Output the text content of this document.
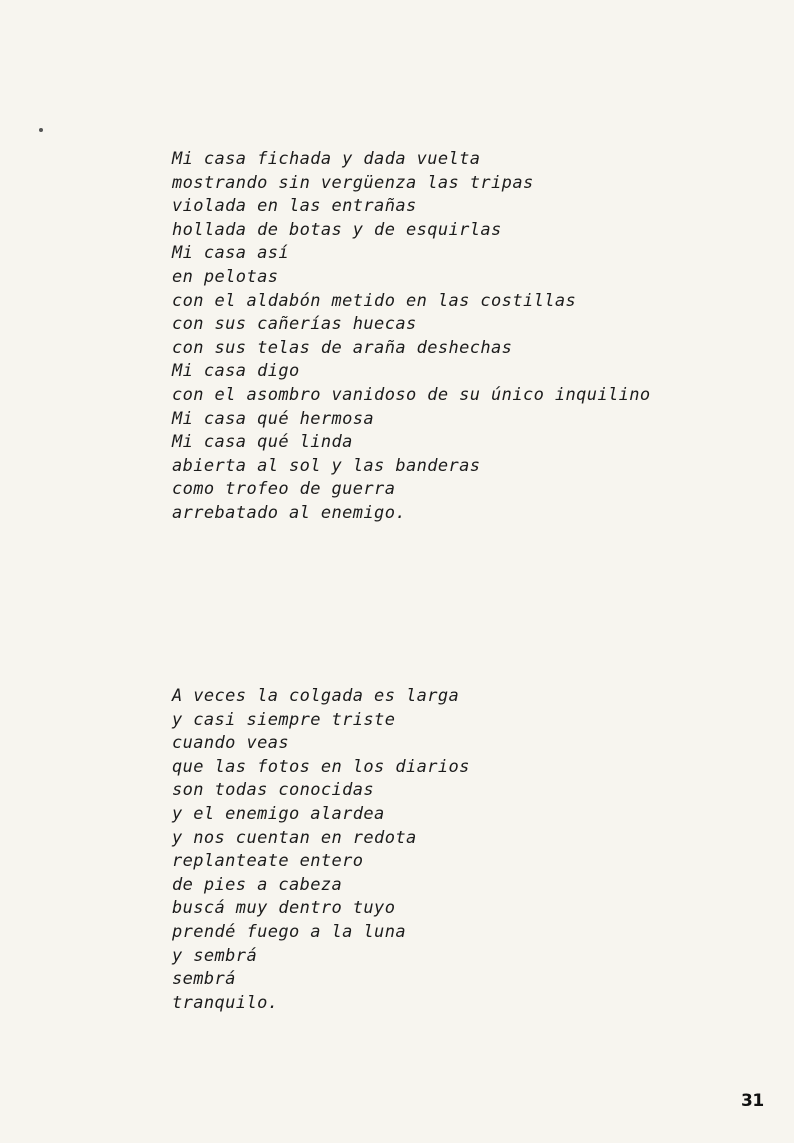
Mi casa fichada y dada vuelta
mostrando sin vergüenza las tripas
violada en las entrañas
hollada de botas y de esquirlas
Mi casa así
en pelotas
con el aldabón metido en las costillas
con sus cañerías huecas
con sus telas de araña deshechas
Mi casa digo
con el asombro vanidoso de su único inquilino
Mi casa qué hermosa
Mi casa qué linda
abierta al sol y las banderas
como trofeo de guerra
arrebatado al enemigo.
A veces la colgada es larga
y casi siempre triste
cuando veas
que las fotos en los diarios
son todas conocidas
y el enemigo alardea
y nos cuentan en redota
replanteate entero
de pies a cabeza
buscá muy dentro tuyo
prendé fuego a la luna
y sembrá
sembrá
tranquilo.
31
